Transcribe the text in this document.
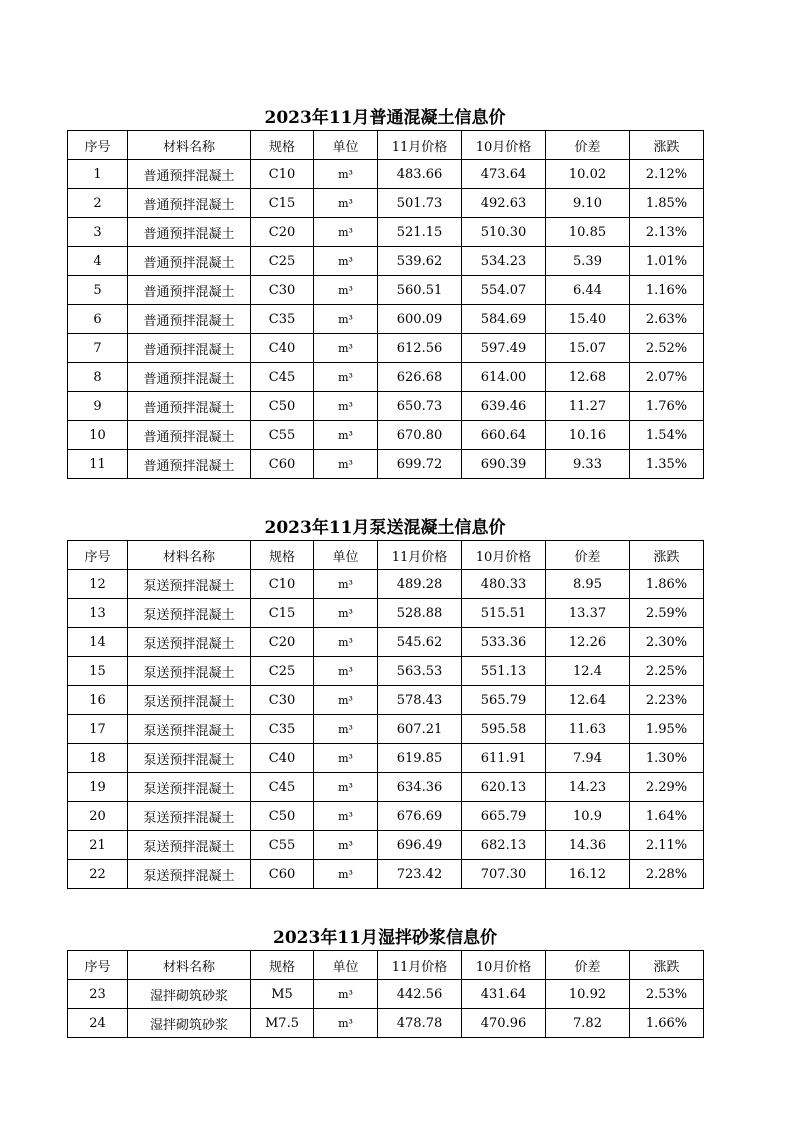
2023年11月普通混凝土信息价
序号	材料名称	规格	单位	11月价格	10月价格	价差	涨跌
1	普通预拌混凝土	C10	m³	483.66	473.64	10.02	2.12%
2	普通预拌混凝土	C15	m³	501.73	492.63	9.10	1.85%
3	普通预拌混凝土	C20	m³	521.15	510.30	10.85	2.13%
4	普通预拌混凝土	C25	m³	539.62	534.23	5.39	1.01%
5	普通预拌混凝土	C30	m³	560.51	554.07	6.44	1.16%
6	普通预拌混凝土	C35	m³	600.09	584.69	15.40	2.63%
7	普通预拌混凝土	C40	m³	612.56	597.49	15.07	2.52%
8	普通预拌混凝土	C45	m³	626.68	614.00	12.68	2.07%
9	普通预拌混凝土	C50	m³	650.73	639.46	11.27	1.76%
10	普通预拌混凝土	C55	m³	670.80	660.64	10.16	1.54%
11	普通预拌混凝土	C60	m³	699.72	690.39	9.33	1.35%
2023年11月泵送混凝土信息价
序号	材料名称	规格	单位	11月价格	10月价格	价差	涨跌
12	泵送预拌混凝土	C10	m³	489.28	480.33	8.95	1.86%
13	泵送预拌混凝土	C15	m³	528.88	515.51	13.37	2.59%
14	泵送预拌混凝土	C20	m³	545.62	533.36	12.26	2.30%
15	泵送预拌混凝土	C25	m³	563.53	551.13	12.4	2.25%
16	泵送预拌混凝土	C30	m³	578.43	565.79	12.64	2.23%
17	泵送预拌混凝土	C35	m³	607.21	595.58	11.63	1.95%
18	泵送预拌混凝土	C40	m³	619.85	611.91	7.94	1.30%
19	泵送预拌混凝土	C45	m³	634.36	620.13	14.23	2.29%
20	泵送预拌混凝土	C50	m³	676.69	665.79	10.9	1.64%
21	泵送预拌混凝土	C55	m³	696.49	682.13	14.36	2.11%
22	泵送预拌混凝土	C60	m³	723.42	707.30	16.12	2.28%
2023年11月湿拌砂浆信息价
序号	材料名称	规格	单位	11月价格	10月价格	价差	涨跌
23	湿拌砌筑砂浆	M5	m³	442.56	431.64	10.92	2.53%
24	湿拌砌筑砂浆	M7.5	m³	478.78	470.96	7.82	1.66%
